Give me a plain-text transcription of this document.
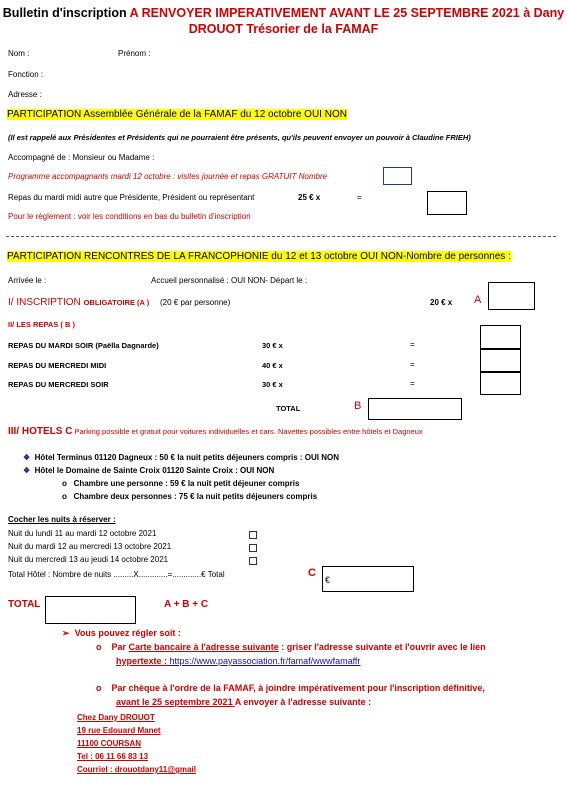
Bulletin d'inscription A RENVOYER IMPERATIVEMENT AVANT LE 25 SEPTEMBRE 2021 à Dany
DROUOT Trésorier de la FAMAF
Nom :	Prénom :
Fonction :
Adresse :
PARTICIPATION Assemblée Générale de la FAMAF du 12 octobre OUI NON
(Il est rappelé aux Présidentes et Présidents qui ne pourraient être présents, qu'ils peuvent envoyer un pouvoir à Claudine FRIEH)
Accompagné de : Monsieur ou Madame :
Programme accompagnants mardi 12 octobre : visites journée et repas GRATUIT Nombre
Repas du mardi midi autre que Présidente, Président ou représentant	25 € x	=
Pour le règlement : voir les conditions en bas du bulletin d'inscription
PARTICIPATION RENCONTRES DE LA FRANCOPHONIE du 12 et 13 octobre OUI NON-Nombre de personnes :
Arrivée le :	Accueil personnalisé : OUI NON- Départ le :
I/ INSCRIPTION OBLIGATOIRE (A ) (20 € par personne)	20 € x A
II/ LES REPAS ( B )
REPAS DU MARDI SOIR (Paëlla Dagnarde)	30 € x	=
REPAS DU MERCREDI MIDI	40 € x	=
REPAS DU MERCREDI SOIR	30 € x	=
TOTAL	B
III/ HOTELS C Parking possible et gratuit pour voitures individuelles et cars. Navettes possibles entre hôtels et Dagneux
❖ Hôtel Terminus 01120 Dagneux : 50 € la nuit petits déjeuners compris : OUI NON
❖ Hôtel le Domaine de Sainte Croix 01120 Sainte Croix : OUI NON
o Chambre une personne : 59 € la nuit petit déjeuner compris
o Chambre deux personnes : 75 € la nuit petits déjeuners compris
Cocher les nuits à réserver :
Nuit du lundi 11 au mardi 12 octobre 2021
Nuit du mardi 12 au mercredi 13 octobre 2021
Nuit du mercredi 13 au jeudi 14 octobre 2021
Total Hôtel : Nombre de nuits .........X.............=.............€ Total	C
€
TOTAL	A + B + C
➢ Vous pouvez régler soit :
o Par Carte bancaire à l'adresse suivante : griser l'adresse suivante et l'ouvrir avec le lien
hypertexte : https://www.payassociation.fr/famaf/wwwfamaffr
o Par chèque à l'ordre de la FAMAF, à joindre impérativement pour l'inscription définitive,
avant le 25 septembre 2021 A envoyer à l'adresse suivante :
Chez Dany DROUOT
19 rue Edouard Manet
11100 COURSAN
Tel : 06 11 66 83 13
Courriel : drouotdany11@gmail
